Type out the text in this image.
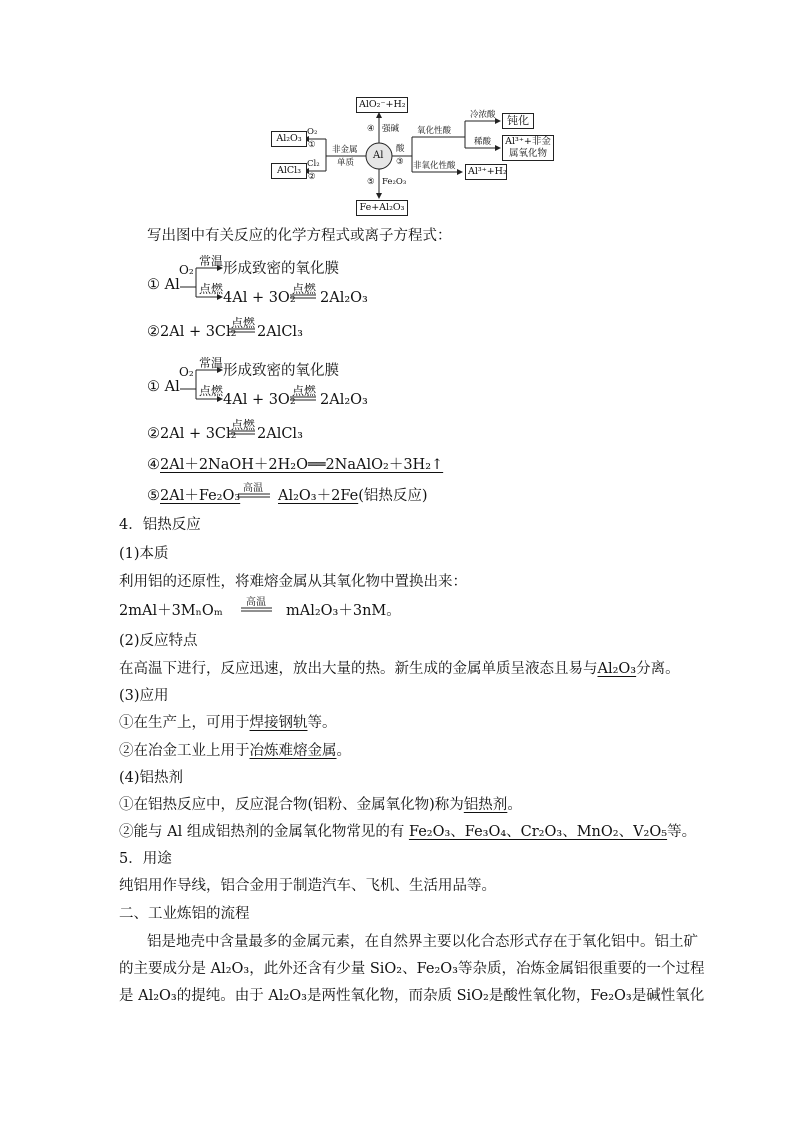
AlO₂⁻+H₂
④ 强碱
Al
Al₂O₃
O₂
①
AlCl₃
Cl₂
②
非金属
单质
酸
③
氧化性酸
非氧化性酸
冷浓酸
稀酸
钝化
Al³⁺+非金属氧化物
Al³⁺+H₂
⑤ Fe₂O₃
Fe+Al₂O₃
写出图中有关反应的化学方程式或离子方程式：
① Al
O₂
常温 形成致密的氧化膜
点燃
4Al + 3O₂
点燃
2Al₂O₃
②2Al + 3Cl₂
点燃
2AlCl₃
① Al
O₂
常温 形成致密的氧化膜
点燃
4Al + 3O₂
点燃
2Al₂O₃
②2Al + 3Cl₂
点燃
2AlCl₃
④2Al＋2NaOH＋2H₂O══2NaAlO₂＋3H₂↑
⑤2Al＋Fe₂O₃ 高温 Al₂O₃＋2Fe(铝热反应)
4．铝热反应
(1)本质
利用铝的还原性，将难熔金属从其氧化物中置换出来：
2mAl＋3MₙOₘ
高温
mAl₂O₃＋3nM。
(2)反应特点
在高温下进行，反应迅速，放出大量的热。新生成的金属单质呈液态且易与Al₂O₃分离。
(3)应用
①在生产上，可用于焊接钢轨等。
②在冶金工业上用于冶炼难熔金属。
(4)铝热剂
①在铝热反应中，反应混合物(铝粉、金属氧化物)称为铝热剂。
②能与 Al 组成铝热剂的金属氧化物常见的有 Fe₂O₃、Fe₃O₄、Cr₂O₃、MnO₂、V₂O₅等。
5．用途
纯铝用作导线，铝合金用于制造汽车、飞机、生活用品等。
二、工业炼铝的流程
铝是地壳中含量最多的金属元素，在自然界主要以化合态形式存在于氧化铝中。铝土矿
的主要成分是 Al₂O₃，此外还含有少量 SiO₂、Fe₂O₃等杂质，冶炼金属铝很重要的一个过程
是 Al₂O₃的提纯。由于 Al₂O₃是两性氧化物，而杂质 SiO₂是酸性氧化物，Fe₂O₃是碱性氧化
